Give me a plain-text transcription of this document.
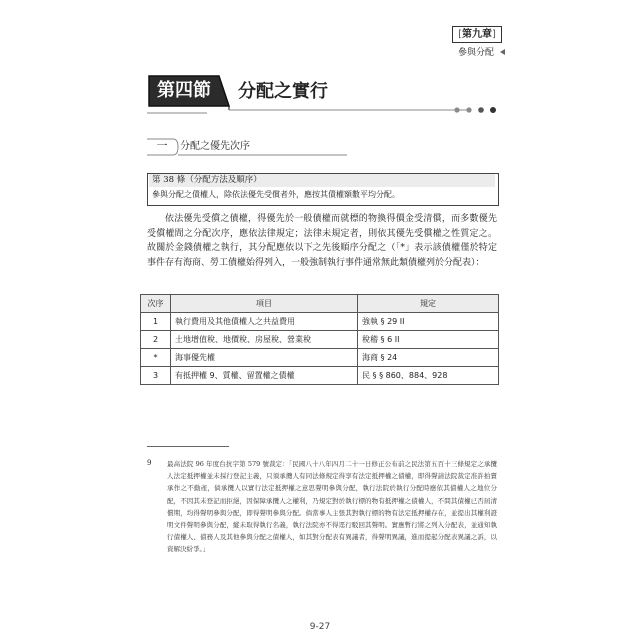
[第九章]
參與分配
第四節	分配之實行
一	分配之優先次序
第 38 條（分配方法及順序）
參與分配之債權人，除依法優先受償者外，應按其債權額數平均分配。

依法優先受償之債權，得優先於一般債權而就標的物換得價金受清償，而多數優先受償權間之分配次序，應依法律規定；法律未規定者，則依其優先受償權之性質定之。故關於金錢債權之執行，其分配應依以下之先後順序分配之（「*」表示該債權僅於特定事件存有海商、勞工債權始得列入，一般強制執行事件通常無此類債權列於分配表）：

次序	項目	規定
1	執行費用及其他債權人之共益費用	強執 § 29 II
2	土地增值稅、地價稅、房屋稅、營業稅	稅稽 § 6 II
*	海事優先權	海商 § 24
3	有抵押權 9、質權、留置權之債權	民 § § 860、884、928
9 最高法院 96 年度台抗字第 579 號裁定：「民國八十八年四月二十一日修正公布前之民法第五百十三條規定之承攬人法定抵押權並未採行登記主義，只須承攬人有同法條規定得享有法定抵押權之債權，即得聲請法院裁定准許拍賣承作之不動產，倘承攬人以實行法定抵押權之意思聲明參與分配，執行法院於執行分配時應依其債權人之地位分配，不因其未登記而拒絕，因保障承攬人之權利，乃規定對於執行標的物有抵押權之債權人，不問其債權已否屆清償期，均得聲明參與分配，即得聲明參與分配。倘當事人主張其對執行標的物有法定抵押權存在，並提出其權利證明文件聲明參與分配，縱未取得執行名義，執行法院亦不得逕行駁回其聲明。實應暫行將之列入分配表，並通知執行債權人、債務人及其他參與分配之債權人，如其對分配表有異議者，得聲明異議，進而提起分配表異議之訴，以資解決紛爭。」

9-27
